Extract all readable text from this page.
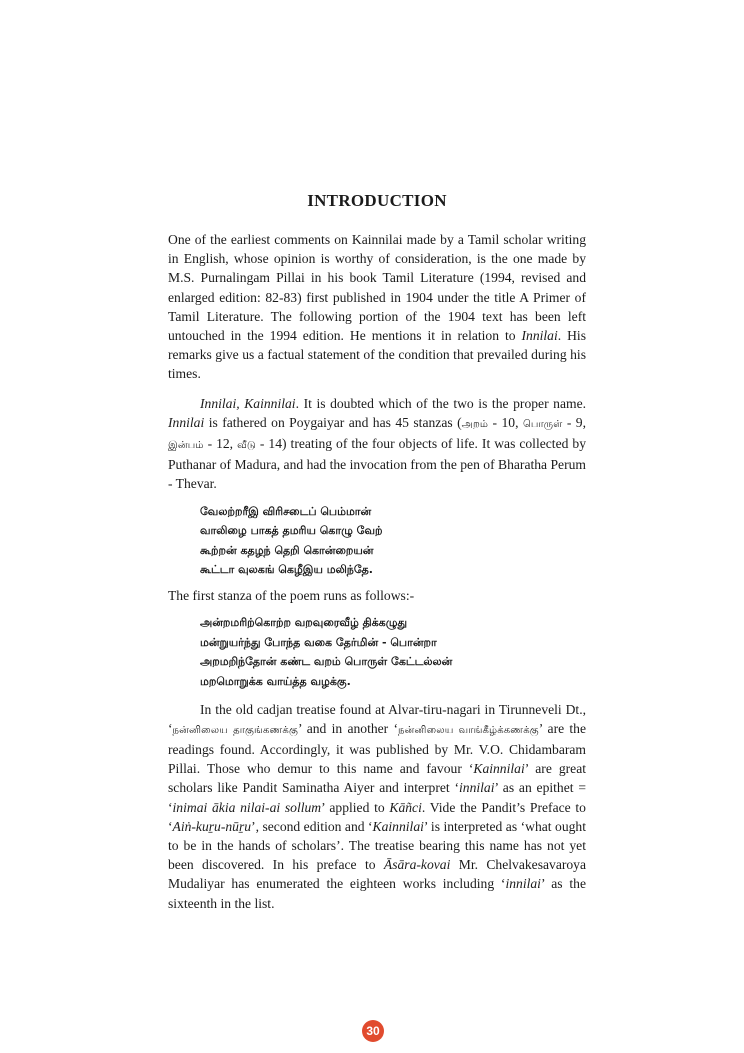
INTRODUCTION

One of the earliest comments on Kainnilai made by a Tamil scholar writing in English, whose opinion is worthy of consideration, is the one made by M.S. Purnalingam Pillai in his book Tamil Literature (1994, revised and enlarged edition: 82-83) first published in 1904 under the title A Primer of Tamil Literature. The following portion of the 1904 text has been left untouched in the 1994 edition. He mentions it in relation to Innilai. His remarks give us a factual statement of the condition that prevailed during his times.

Innilai, Kainnilai. It is doubted which of the two is the proper name. Innilai is fathered on Poygaiyar and has 45 stanzas (அறம் - 10, பொருள் - 9, இன்பம் - 12, வீடு - 14) treating of the four objects of life. It was collected by Puthanar of Madura, and had the invocation from the pen of Bharatha Perum - Thevar.

வேலற்றரீஇ விரிசடைப் பெம்மான்
வாலிழை பாகத் தமரிய கொழு வேற்
கூற்றன் கதழந் தெறி கொன்றையன்
கூட்டா வுலகங் கெழீஇய மலிந்தே.

The first stanza of the poem runs as follows:-

அன்றமரிற்கொற்ற வறவுரைவீழ் திக்கழுது
மன்றுயர்ந்து போந்த வகை தேர்மின் - பொன்றா
அறமறிந்தோன் கண்ட வறம் பொருள் கேட்டல்லன்
மறமொறுக்க வாய்த்த வழக்கு.

In the old cadjan treatise found at Alvar-tiru-nagari in Tirunneveli Dt., ‘நன்னிலைய தாகுங்கணக்கு’ and in another ‘நன்னிலைய வாங்கீழ்க்கணக்கு’ are the readings found. Accordingly, it was published by Mr. V.O. Chidambaram Pillai. Those who demur to this name and favour ‘Kainnilai’ are great scholars like Pandit Saminatha Aiyer and interpret ‘innilai’ as an epithet = ‘inimai ākia nilai-ai sollum’ applied to Kāñci. Vide the Pandit’s Preface to ‘Aiṅ-kuṟu-nūṟu’, second edition and ‘Kainnilai’ is interpreted as ‘what ought to be in the hands of scholars’. The treatise bearing this name has not yet been discovered. In his preface to Āsāra-kovai Mr. Chelvakesavaroya Mudaliyar has enumerated the eighteen works including ‘innilai’ as the sixteenth in the list.

30
